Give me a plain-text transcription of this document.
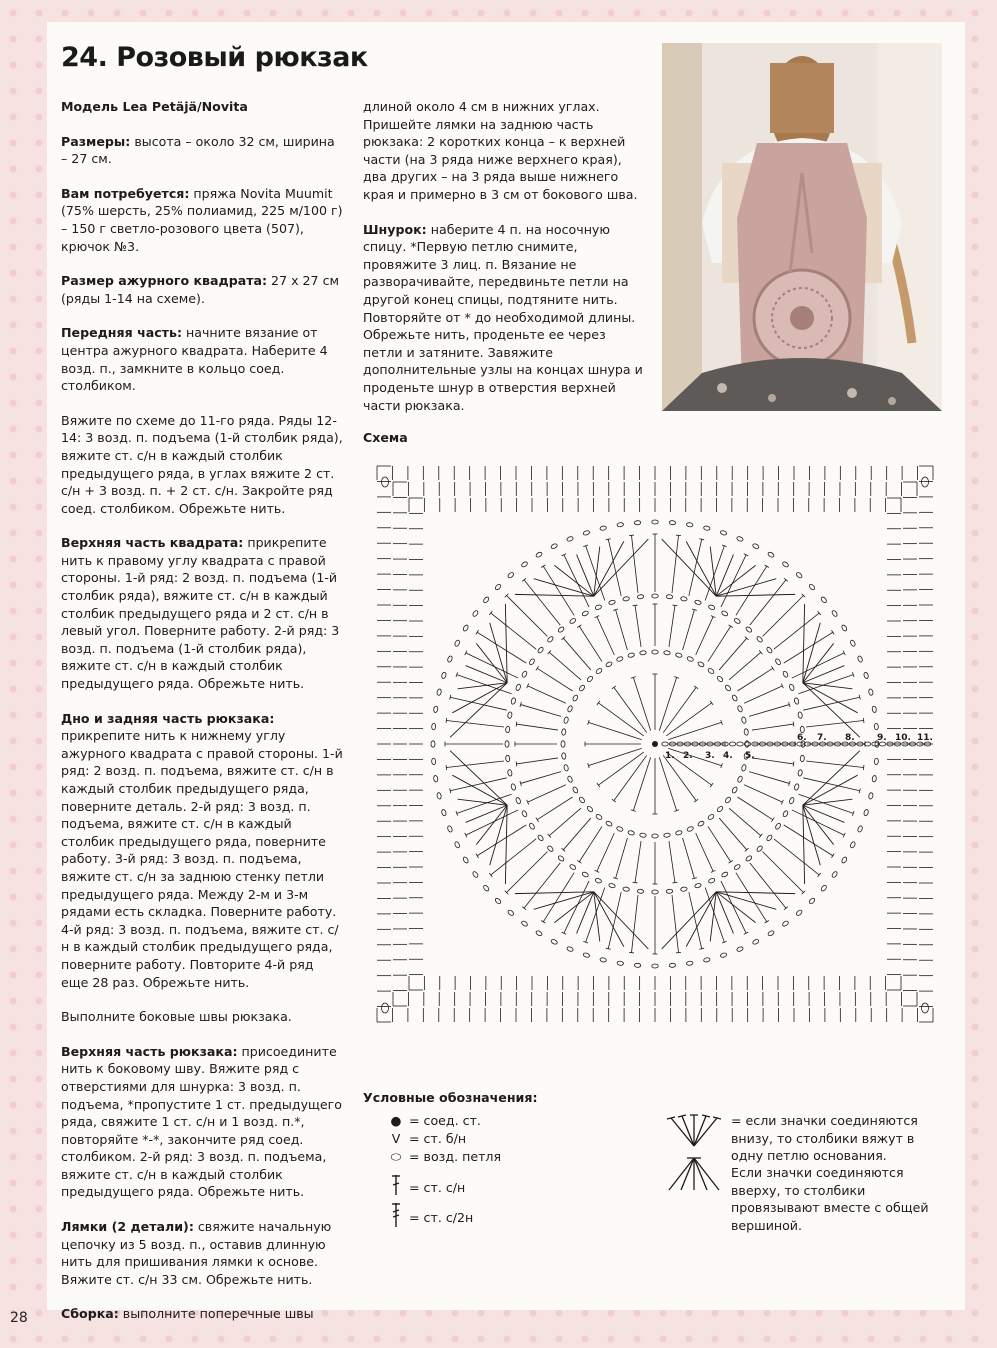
24. Розовый рюкзак
Модель Lea Petäjä/Novita
Размеры: высота – около 32 см, ширина – 27 см.
Вам потребуется: пряжа Novita Muumit (75% шерсть, 25% полиамид, 225 м/100 г) – 150 г светло-розового цвета (507), крючок №3.
Размер ажурного квадрата: 27 х 27 см (ряды 1-14 на схеме).
Передняя часть: начните вязание от центра ажурного квадрата. Наберите 4 возд. п., замкните в кольцо соед. столбиком.
Вяжите по схеме до 11-го ряда. Ряды 12-14: 3 возд. п. подъема (1-й столбик ряда), вяжите ст. с/н в каждый столбик предыдущего ряда, в углах вяжите 2 ст. с/н + 3 возд. п. + 2 ст. с/н. Закройте ряд соед. столбиком. Обрежьте нить.
Верхняя часть квадрата: прикрепите нить к правому углу квадрата с правой стороны. 1-й ряд: 2 возд. п. подъема (1-й столбик ряда), вяжите ст. с/н в каждый столбик предыдущего ряда и 2 ст. с/н в левый угол. Поверните работу. 2-й ряд: 3 возд. п. подъема (1-й столбик ряда), вяжите ст. с/н в каждый столбик предыдущего ряда. Обрежьте нить.
Дно и задняя часть рюкзака: прикрепите нить к нижнему углу ажурного квадрата с правой стороны. 1-й ряд: 2 возд. п. подъема, вяжите ст. с/н в каждый столбик предыдущего ряда, поверните деталь. 2-й ряд: 3 возд. п. подъема, вяжите ст. с/н в каждый столбик предыдущего ряда, поверните работу. 3-й ряд: 3 возд. п. подъема, вяжите ст. с/н за заднюю стенку петли предыдущего ряда. Между 2-м и 3-м рядами есть складка. Поверните работу. 4-й ряд: 3 возд. п. подъема, вяжите ст. с/н в каждый столбик предыдущего ряда, поверните работу. Повторите 4-й ряд еще 28 раз. Обрежьте нить.
Выполните боковые швы рюкзака.
Верхняя часть рюкзака: присоедините нить к боковому шву. Вяжите ряд с отверстиями для шнурка: 3 возд. п. подъема, *пропустите 1 ст. предыдущего ряда, свяжите 1 ст. с/н и 1 возд. п.*, повторяйте *-*, закончите ряд соед. столбиком. 2-й ряд: 3 возд. п. подъема, вяжите ст. с/н в каждый столбик предыдущего ряда. Обрежьте нить.
Лямки (2 детали): свяжите начальную цепочку из 5 возд. п., оставив длинную нить для пришивания лямки к основе. Вяжите ст. с/н 33 см. Обрежьте нить.
Сборка: выполните поперечные швы
длиной около 4 см в нижних углах. Пришейте лямки на заднюю часть рюкзака: 2 коротких конца – к верхней части (на 3 ряда ниже верхнего края), два других – на 3 ряда выше нижнего края и примерно в 3 см от бокового шва.
Шнурок: наберите 4 п. на носочную спицу. *Первую петлю снимите, провяжите 3 лиц. п. Вязание не разворачивайте, передвиньте петли на другой конец спицы, подтяните нить. Повторяйте от * до необходимой длины. Обрежьте нить, проденьте ее через петли и затяните. Завяжите дополнительные узлы на концах шнура и проденьте шнур в отверстия верхней части рюкзака.
Схема
1. 2. 3. 4. 5.
6. 7. 8. 9. 10. 11.
Условные обозначения:
● = соед. ст.
V = ст. б/н
⬭ = возд. петля
= ст. с/н
= ст. с/2н
= если значки соединяются внизу, то столбики вяжут в одну петлю основания.
Если значки соединяются вверху, то столбики провязывают вместе с общей вершиной.
28
